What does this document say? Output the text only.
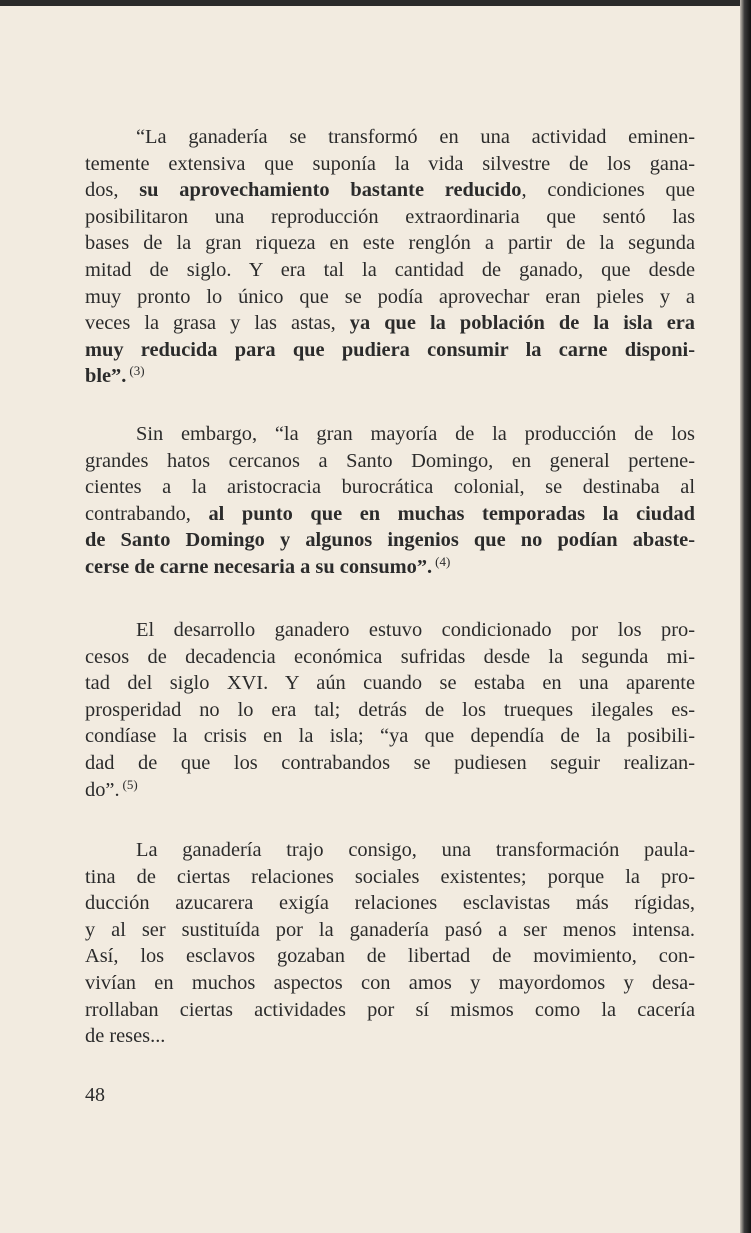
“La ganadería se transformó en una actividad eminen-
temente extensiva que suponía la vida silvestre de los gana-
dos, su aprovechamiento bastante reducido, condiciones que
posibilitaron una reproducción extraordinaria que sentó las
bases de la gran riqueza en este renglón a partir de la segunda
mitad de siglo. Y era tal la cantidad de ganado, que desde
muy pronto lo único que se podía aprovechar eran pieles y a
veces la grasa y las astas, ya que la población de la isla era
muy reducida para que pudiera consumir la carne disponi-
ble”. $^{(3)}$
Sin embargo, “la gran mayoría de la producción de los
grandes hatos cercanos a Santo Domingo, en general pertene-
cientes a la aristocracia burocrática colonial, se destinaba al
contrabando, al punto que en muchas temporadas la ciudad
de Santo Domingo y algunos ingenios que no podían abaste-
cerse de carne necesaria a su consumo”. $^{(4)}$
El desarrollo ganadero estuvo condicionado por los pro-
cesos de decadencia económica sufridas desde la segunda mi-
tad del siglo XVI. Y aún cuando se estaba en una aparente
prosperidad no lo era tal; detrás de los trueques ilegales es-
condíase la crisis en la isla; “ya que dependía de la posibili-
dad de que los contrabandos se pudiesen seguir realizan-
do”. $^{(5)}$
La ganadería trajo consigo, una transformación paula-
tina de ciertas relaciones sociales existentes; porque la pro-
ducción azucarera exigía relaciones esclavistas más rígidas,
y al ser sustituída por la ganadería pasó a ser menos intensa.
Así, los esclavos gozaban de libertad de movimiento, con-
vivían en muchos aspectos con amos y mayordomos y desa-
rrollaban ciertas actividades por sí mismos como la cacería
de reses...
48
